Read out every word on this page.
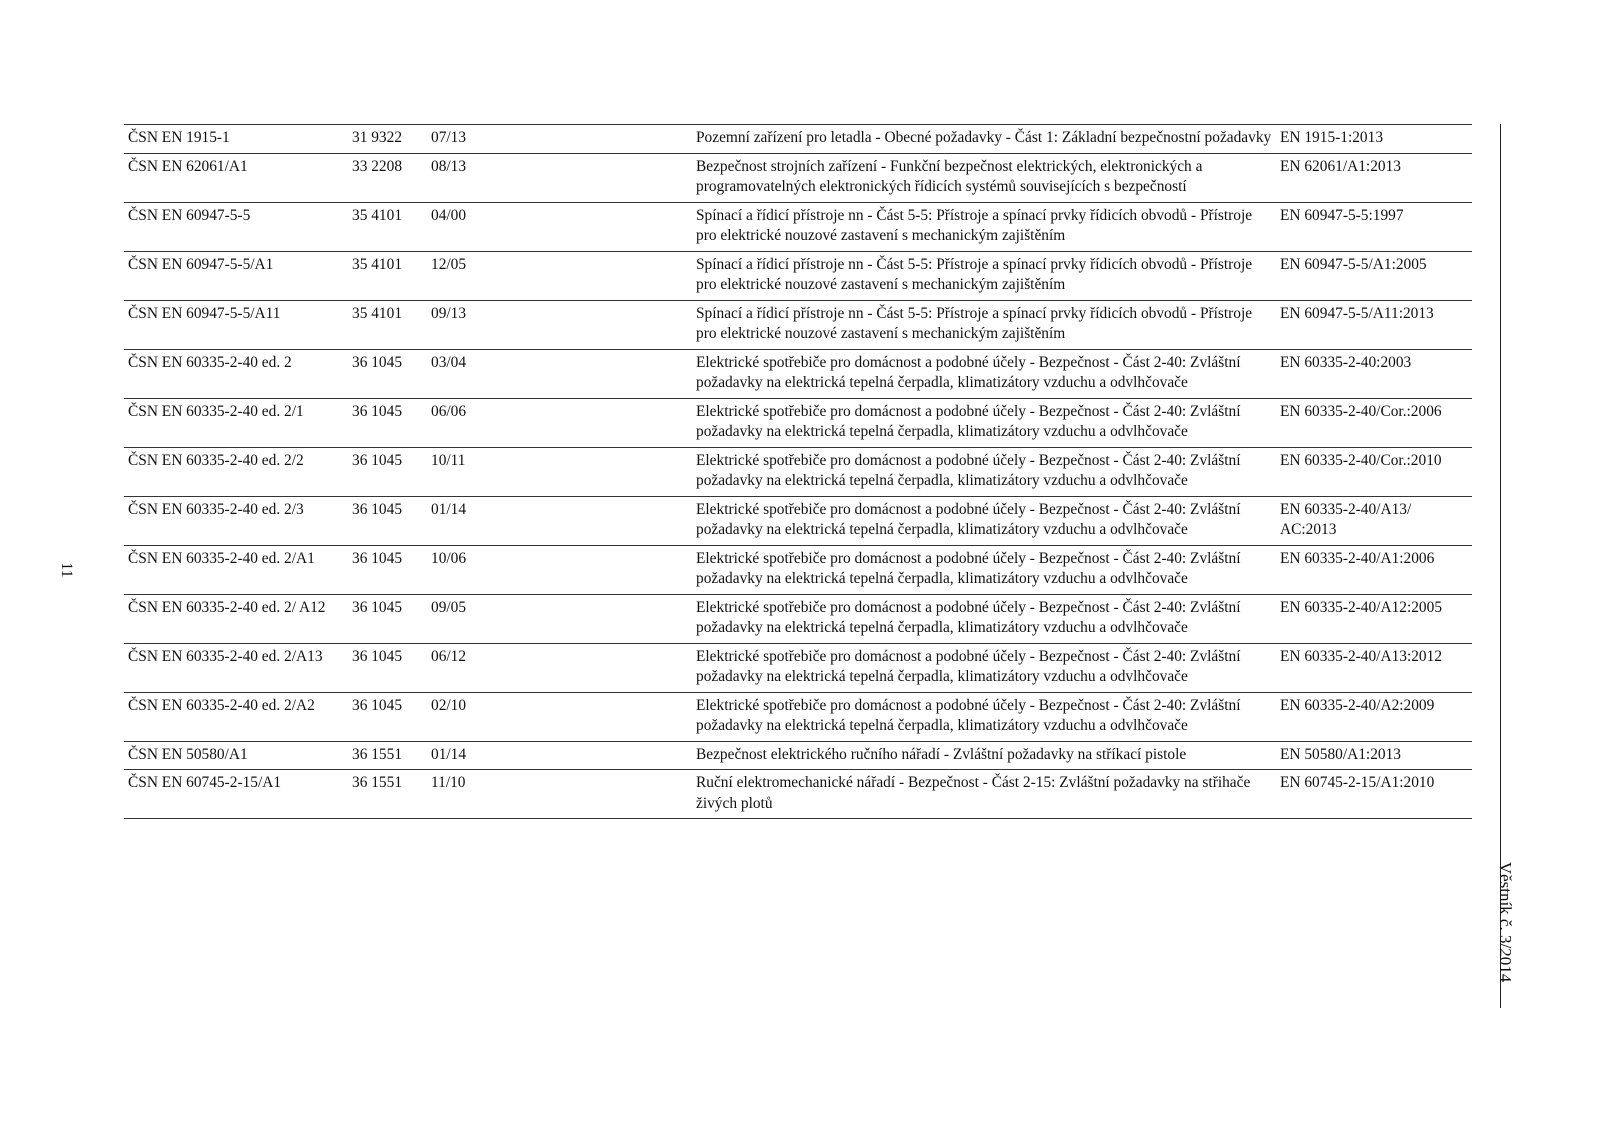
11
ČSN EN 1915-1	31 9322	07/13	Pozemní zařízení pro letadla - Obecné požadavky - Část 1: Základní bezpečnostní požadavky	EN 1915-1:2013
ČSN EN 62061/A1	33 2208	08/13	Bezpečnost strojních zařízení - Funkční bezpečnost elektrických, elektronických a programovatelných elektronických řídicích systémů souvisejících s bezpečností	EN 62061/A1:2013
ČSN EN 60947-5-5	35 4101	04/00	Spínací a řídicí přístroje nn - Část 5-5: Přístroje a spínací prvky řídicích obvodů - Přístroje pro elektrické nouzové zastavení s mechanickým zajištěním	EN 60947-5-5:1997
ČSN EN 60947-5-5/A1	35 4101	12/05	Spínací a řídicí přístroje nn - Část 5-5: Přístroje a spínací prvky řídicích obvodů - Přístroje pro elektrické nouzové zastavení s mechanickým zajištěním	EN 60947-5-5/A1:2005
ČSN EN 60947-5-5/A11	35 4101	09/13	Spínací a řídicí přístroje nn - Část 5-5: Přístroje a spínací prvky řídicích obvodů - Přístroje pro elektrické nouzové zastavení s mechanickým zajištěním	EN 60947-5-5/A11:2013
ČSN EN 60335-2-40 ed. 2	36 1045	03/04	Elektrické spotřebiče pro domácnost a podobné účely - Bezpečnost - Část 2-40: Zvláštní požadavky na elektrická tepelná čerpadla, klimatizátory vzduchu a odvlhčovače	EN 60335-2-40:2003
ČSN EN 60335-2-40 ed. 2/1	36 1045	06/06	Elektrické spotřebiče pro domácnost a podobné účely - Bezpečnost - Část 2-40: Zvláštní požadavky na elektrická tepelná čerpadla, klimatizátory vzduchu a odvlhčovače	EN 60335-2-40/Cor.:2006
ČSN EN 60335-2-40 ed. 2/2	36 1045	10/11	Elektrické spotřebiče pro domácnost a podobné účely - Bezpečnost - Část 2-40: Zvláštní požadavky na elektrická tepelná čerpadla, klimatizátory vzduchu a odvlhčovače	EN 60335-2-40/Cor.:2010
ČSN EN 60335-2-40 ed. 2/3	36 1045	01/14	Elektrické spotřebiče pro domácnost a podobné účely - Bezpečnost - Část 2-40: Zvláštní požadavky na elektrická tepelná čerpadla, klimatizátory vzduchu a odvlhčovače	EN 60335-2-40/A13/ AC:2013
ČSN EN 60335-2-40 ed. 2/A1	36 1045	10/06	Elektrické spotřebiče pro domácnost a podobné účely - Bezpečnost - Část 2-40: Zvláštní požadavky na elektrická tepelná čerpadla, klimatizátory vzduchu a odvlhčovače	EN 60335-2-40/A1:2006
ČSN EN 60335-2-40 ed. 2/ A12	36 1045	09/05	Elektrické spotřebiče pro domácnost a podobné účely - Bezpečnost - Část 2-40: Zvláštní požadavky na elektrická tepelná čerpadla, klimatizátory vzduchu a odvlhčovače	EN 60335-2-40/A12:2005
ČSN EN 60335-2-40 ed. 2/A13	36 1045	06/12	Elektrické spotřebiče pro domácnost a podobné účely - Bezpečnost - Část 2-40: Zvláštní požadavky na elektrická tepelná čerpadla, klimatizátory vzduchu a odvlhčovače	EN 60335-2-40/A13:2012
ČSN EN 60335-2-40 ed. 2/A2	36 1045	02/10	Elektrické spotřebiče pro domácnost a podobné účely - Bezpečnost - Část 2-40: Zvláštní požadavky na elektrická tepelná čerpadla, klimatizátory vzduchu a odvlhčovače	EN 60335-2-40/A2:2009
ČSN EN 50580/A1	36 1551	01/14	Bezpečnost elektrického ručního nářadí - Zvláštní požadavky na stříkací pistole	EN 50580/A1:2013
ČSN EN 60745-2-15/A1	36 1551	11/10	Ruční elektromechanické nářadí - Bezpečnost - Část 2-15: Zvláštní požadavky na střihače živých plotů	EN 60745-2-15/A1:2010
Věstník č. 3/2014
